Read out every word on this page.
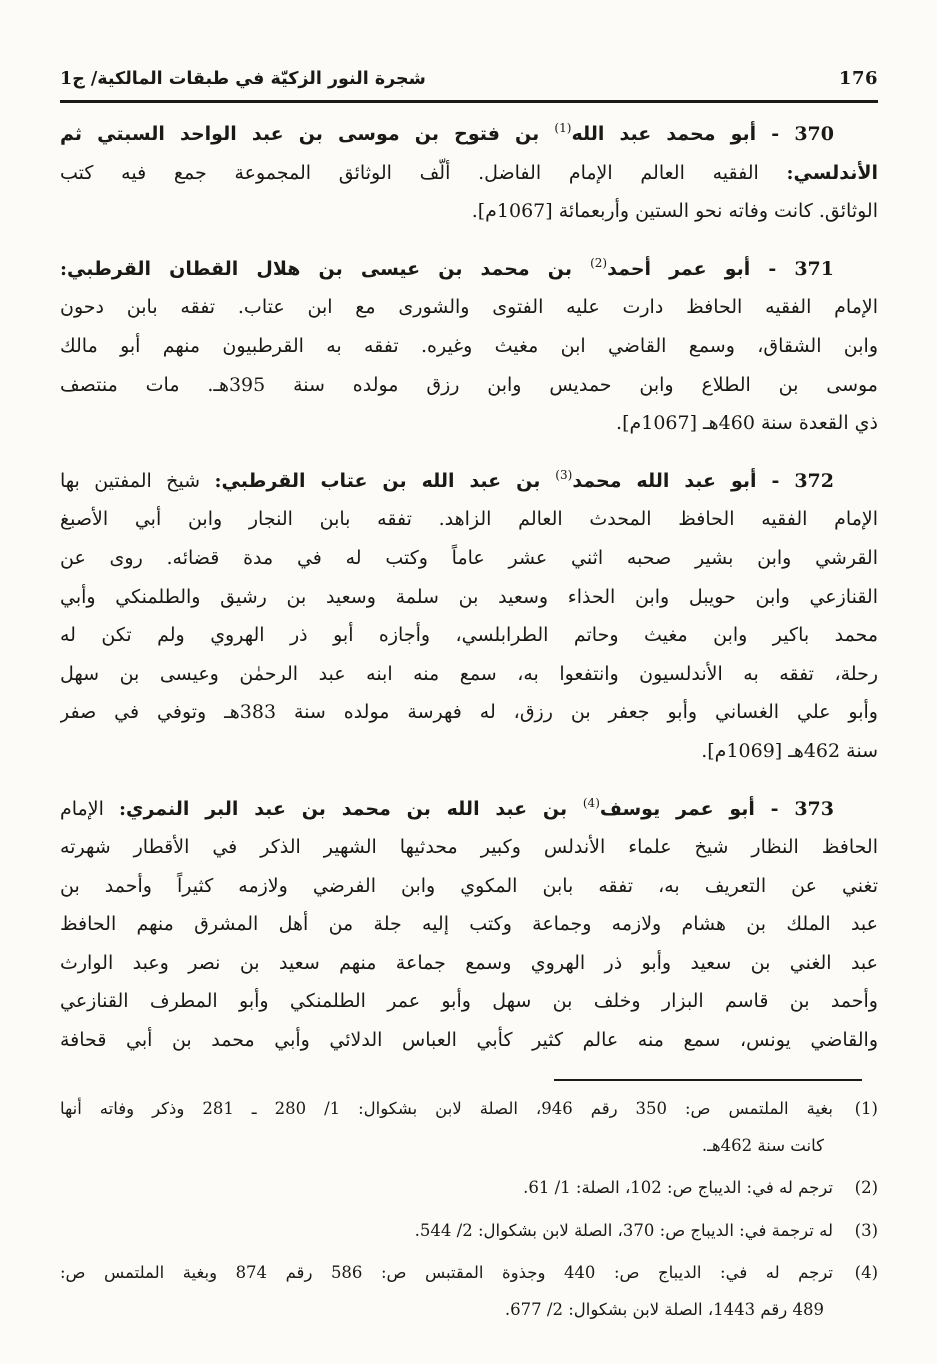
176
شجرة النور الزكيّة في طبقات المالكية/ ج1
370 - أبو محمد عبد الله$^{(1)}$ بن فتوح بن موسى بن عبد الواحد السبتي ثم
الأندلسي: الفقيه العالم الإمام الفاضل. ألّف الوثائق المجموعة جمع فيه كتب
الوثائق. كانت وفاته نحو الستين وأربعمائة [1067م].
371 - أبو عمر أحمد$^{(2)}$ بن محمد بن عيسى بن هلال القطان القرطبي:
الإمام الفقيه الحافظ دارت عليه الفتوى والشورى مع ابن عتاب. تفقه بابن دحون
وابن الشقاق، وسمع القاضي ابن مغيث وغيره. تفقه به القرطبيون منهم أبو مالك
موسى بن الطلاع وابن حمديس وابن رزق مولده سنة 395هـ. مات منتصف
ذي القعدة سنة 460هـ [1067م].
372 - أبو عبد الله محمد$^{(3)}$ بن عبد الله بن عتاب القرطبي: شيخ المفتين بها
الإمام الفقيه الحافظ المحدث العالم الزاهد. تفقه بابن النجار وابن أبي الأصبغ
القرشي وابن بشير صحبه اثني عشر عاماً وكتب له في مدة قضائه. روى عن
القنازعي وابن حويبل وابن الحذاء وسعيد بن سلمة وسعيد بن رشيق والطلمنكي وأبي
محمد باكير وابن مغيث وحاتم الطرابلسي، وأجازه أبو ذر الهروي ولم تكن له
رحلة، تفقه به الأندلسيون وانتفعوا به، سمع منه ابنه عبد الرحمٰن وعيسى بن سهل
وأبو علي الغساني وأبو جعفر بن رزق، له فهرسة مولده سنة 383هـ وتوفي في صفر
سنة 462هـ [1069م].
373 - أبو عمر يوسف$^{(4)}$ بن عبد الله بن محمد بن عبد البر النمري: الإمام
الحافظ النظار شيخ علماء الأندلس وكبير محدثيها الشهير الذكر في الأقطار شهرته
تغني عن التعريف به، تفقه بابن المكوي وابن الفرضي ولازمه كثيراً وأحمد بن
عبد الملك بن هشام ولازمه وجماعة وكتب إليه جلة من أهل المشرق منهم الحافظ
عبد الغني بن سعيد وأبو ذر الهروي وسمع جماعة منهم سعيد بن نصر وعبد الوارث
وأحمد بن قاسم البزار وخلف بن سهل وأبو عمر الطلمنكي وأبو المطرف القنازعي
والقاضي يونس، سمع منه عالم كثير كأبي العباس الدلائي وأبي محمد بن أبي قحافة
(1)بغية الملتمس ص: 350 رقم 946، الصلة لابن بشكوال: 1/ 280 ـ 281 وذكر وفاته أنها
كانت سنة 462هـ.
(2)ترجم له في: الديباج ص: 102، الصلة: 1/ 61.
(3)له ترجمة في: الديباج ص: 370، الصلة لابن بشكوال: 2/ 544.
(4)ترجم له في: الديباج ص: 440 وجذوة المقتبس ص: 586 رقم 874 وبغية الملتمس ص:
489 رقم 1443، الصلة لابن بشكوال: 2/ 677.
